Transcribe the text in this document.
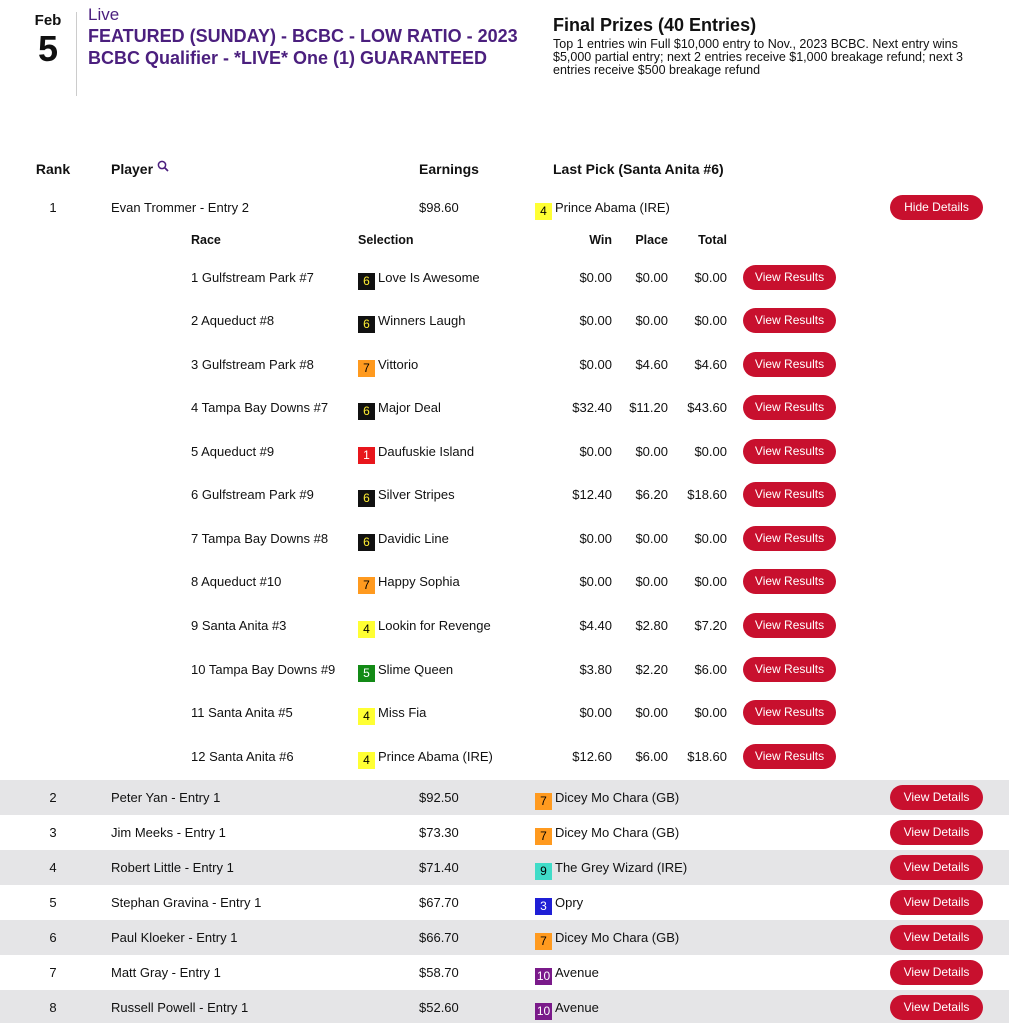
Feb
5
Live
FEATURED (SUNDAY) - BCBC - LOW RATIO - 2023 BCBC Qualifier - *LIVE* One (1) GUARANTEED
Final Prizes (40 Entries)
Top 1 entries win Full $10,000 entry to Nov., 2023 BCBC. Next entry wins $5,000 partial entry; next 2 entries receive $1,000 breakage refund; next 3 entries receive $500 breakage refund
Rank	Player	Earnings	Last Pick (Santa Anita #6)
1	Evan Trommer - Entry 2	$98.60	4 Prince Abama (IRE)	Hide Details
Race	Selection	Win	Place	Total
1 Gulfstream Park #7	6 Love Is Awesome	$0.00	$0.00	$0.00	View Results
2 Aqueduct #8	6 Winners Laugh	$0.00	$0.00	$0.00	View Results
3 Gulfstream Park #8	7 Vittorio	$0.00	$4.60	$4.60	View Results
4 Tampa Bay Downs #7	6 Major Deal	$32.40	$11.20	$43.60	View Results
5 Aqueduct #9	1 Daufuskie Island	$0.00	$0.00	$0.00	View Results
6 Gulfstream Park #9	6 Silver Stripes	$12.40	$6.20	$18.60	View Results
7 Tampa Bay Downs #8	6 Davidic Line	$0.00	$0.00	$0.00	View Results
8 Aqueduct #10	7 Happy Sophia	$0.00	$0.00	$0.00	View Results
9 Santa Anita #3	4 Lookin for Revenge	$4.40	$2.80	$7.20	View Results
10 Tampa Bay Downs #9	5 Slime Queen	$3.80	$2.20	$6.00	View Results
11 Santa Anita #5	4 Miss Fia	$0.00	$0.00	$0.00	View Results
12 Santa Anita #6	4 Prince Abama (IRE)	$12.60	$6.00	$18.60	View Results
2	Peter Yan - Entry 1	$92.50	7 Dicey Mo Chara (GB)	View Details
3	Jim Meeks - Entry 1	$73.30	7 Dicey Mo Chara (GB)	View Details
4	Robert Little - Entry 1	$71.40	9 The Grey Wizard (IRE)	View Details
5	Stephan Gravina - Entry 1	$67.70	3 Opry	View Details
6	Paul Kloeker - Entry 1	$66.70	7 Dicey Mo Chara (GB)	View Details
7	Matt Gray - Entry 1	$58.70	10 Avenue	View Details
8	Russell Powell - Entry 1	$52.60	10 Avenue	View Details
